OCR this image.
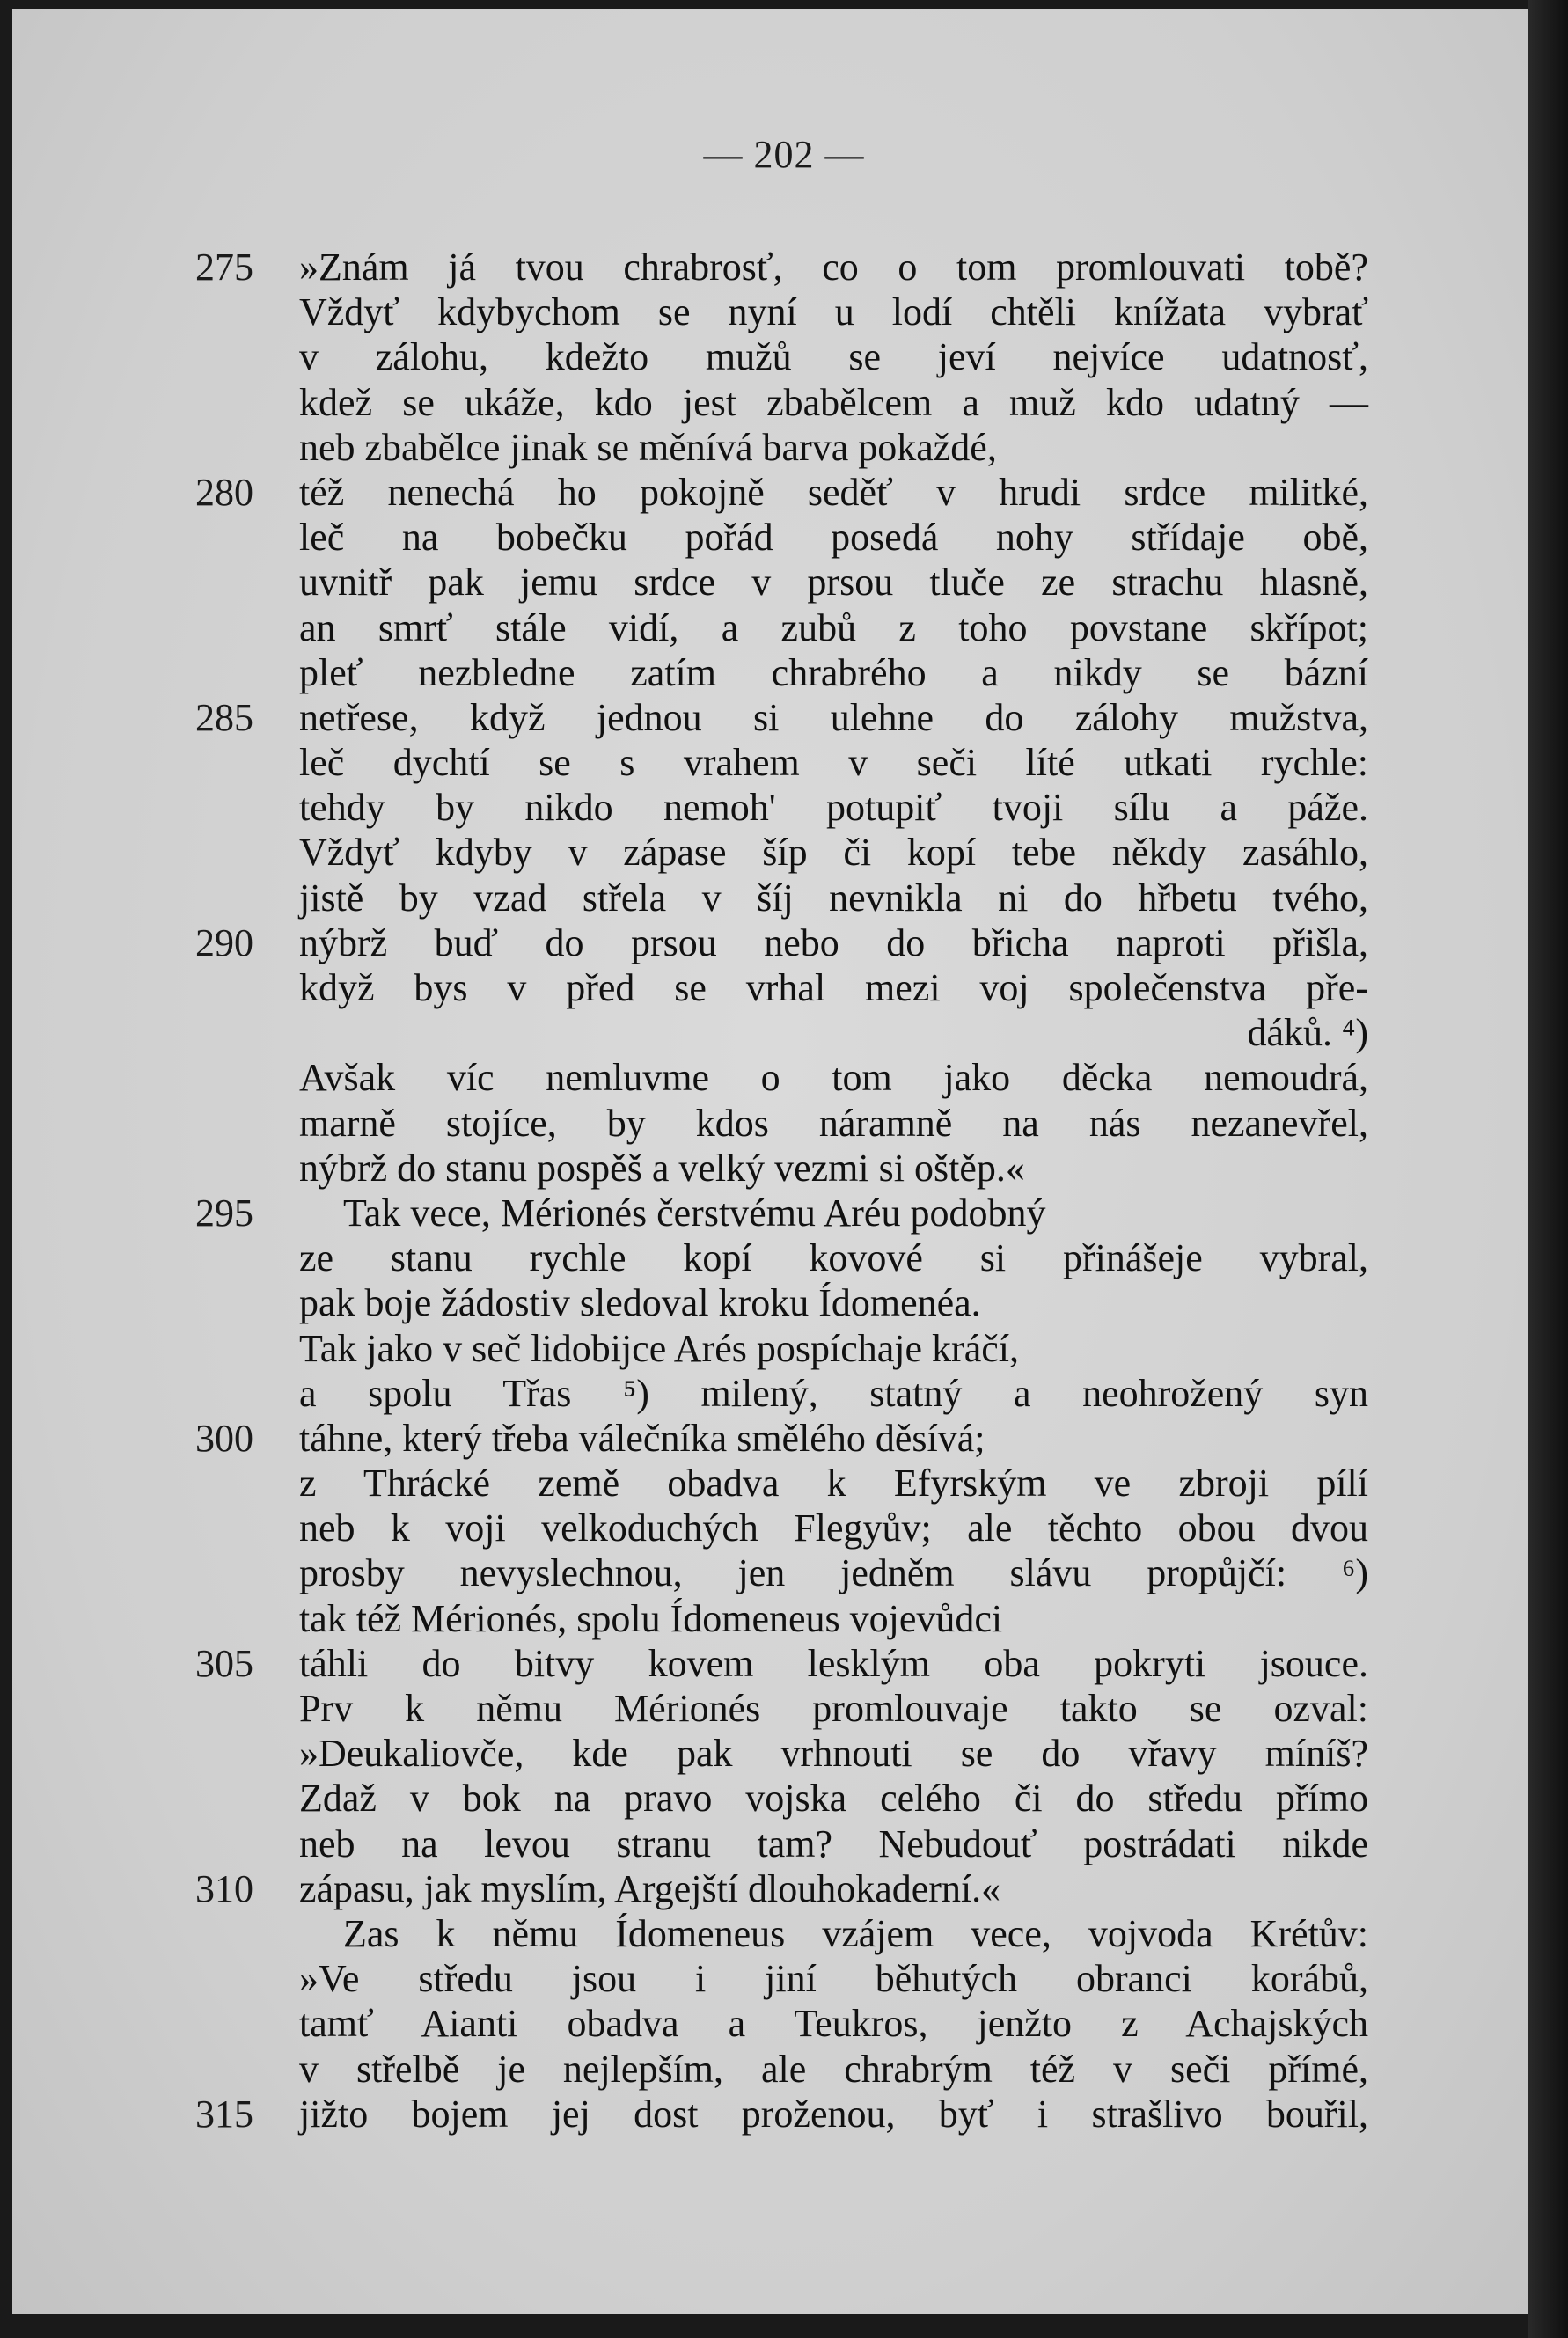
— 202 —
275	»Znám já tvou chrabrosť, co o tom promlouvati tobě?
Vždyť kdybychom se nyní u lodí chtěli knížata vybrať
v zálohu, kdežto mužů se jeví nejvíce udatnosť,
kdež se ukáže, kdo jest zbabělcem a muž kdo udatný —
neb zbabělce jinak se měnívá barva pokaždé,
280	též nenechá ho pokojně seděť v hrudi srdce militké,
leč na bobečku pořád posedá nohy střídaje obě,
uvnitř pak jemu srdce v prsou tluče ze strachu hlasně,
an smrť stále vidí, a zubů z toho povstane skřípot;
pleť nezbledne zatím chrabrého a nikdy se bázní
285	netřese, když jednou si ulehne do zálohy mužstva,
leč dychtí se s vrahem v seči líté utkati rychle:
tehdy by nikdo nemoh' potupiť tvoji sílu a páže.
Vždyť kdyby v zápase šíp či kopí tebe někdy zasáhlo,
jistě by vzad střela v šíj nevnikla ni do hřbetu tvého,
290	nýbrž buď do prsou nebo do břicha naproti přišla,
když bys v před se vrhal mezi voj společenstva pře-
dáků. ⁴)
Avšak víc nemluvme o tom jako děcka nemoudrá,
marně stojíce, by kdos náramně na nás nezanevřel,
nýbrž do stanu pospěš a velký vezmi si oštěp.«
295	Tak vece, Mérionés čerstvému Aréu podobný
ze stanu rychle kopí kovové si přinášeje vybral,
pak boje žádostiv sledoval kroku Ídomenéa.
Tak jako v seč lidobijce Arés pospíchaje kráčí,
a spolu Třas ⁵) milený, statný a neohrožený syn
300	táhne, který třeba válečníka smělého děsívá;
z Thrácké země obadva k Efyrským ve zbroji pílí
neb k voji velkoduchých Flegyův; ale těchto obou dvou
prosby nevyslechnou, jen jedněm slávu propůjčí: ⁶)
tak též Mérionés, spolu Ídomeneus vojevůdci
305	táhli do bitvy kovem lesklým oba pokryti jsouce.
Prv k němu Mérionés promlouvaje takto se ozval:
»Deukaliovče, kde pak vrhnouti se do vřavy míníš?
Zdaž v bok na pravo vojska celého či do středu přímo
neb na levou stranu tam? Nebudouť postrádati nikde
310	zápasu, jak myslím, Argejští dlouhokaderní.«
Zas k němu Ídomeneus vzájem vece, vojvoda Krétův:
»Ve středu jsou i jiní běhutých obranci korábů,
tamť Aianti obadva a Teukros, jenžto z Achajských
v střelbě je nejlepším, ale chrabrým též v seči přímé,
315	jižto bojem jej dost proženou, byť i strašlivo bouřil,
